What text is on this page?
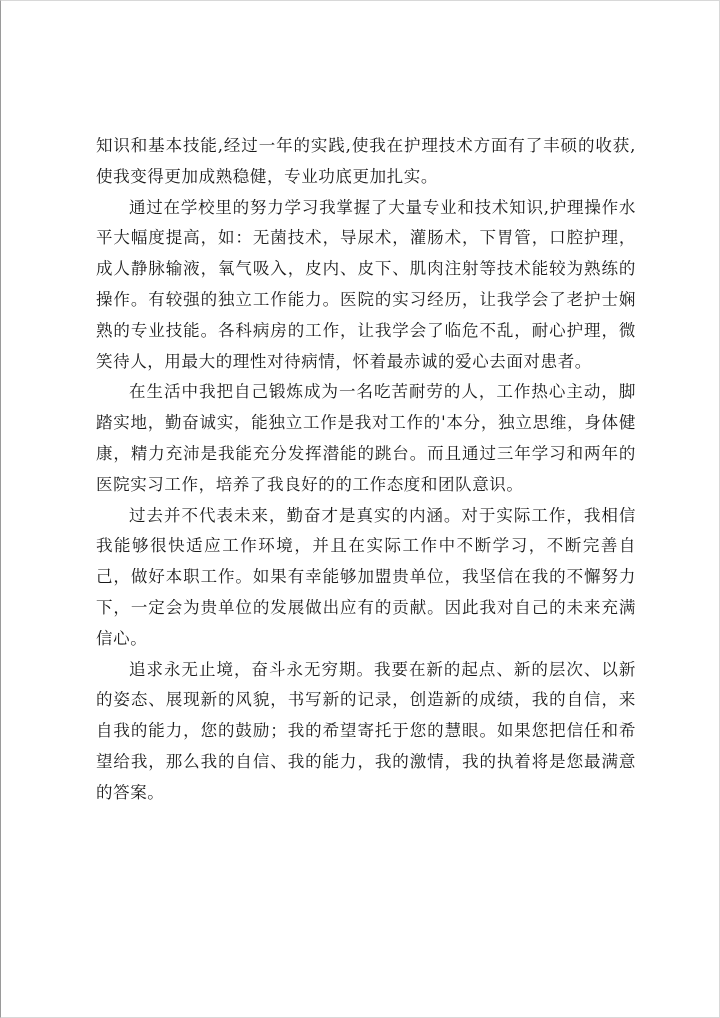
知识和基本技能,经过一年的实践,使我在护理技术方面有了丰硕的收获,使我变得更加成熟稳健，专业功底更加扎实。

通过在学校里的努力学习我掌握了大量专业和技术知识,护理操作水平大幅度提高，如：无菌技术，导尿术，灌肠术，下胃管，口腔护理，成人静脉输液，氧气吸入，皮内、皮下、肌肉注射等技术能较为熟练的操作。有较强的独立工作能力。医院的实习经历，让我学会了老护士娴熟的专业技能。各科病房的工作，让我学会了临危不乱，耐心护理，微笑待人，用最大的理性对待病情，怀着最赤诚的爱心去面对患者。

在生活中我把自己锻炼成为一名吃苦耐劳的人，工作热心主动，脚踏实地，勤奋诚实，能独立工作是我对工作的'本分，独立思维，身体健康，精力充沛是我能充分发挥潜能的跳台。而且通过三年学习和两年的医院实习工作，培养了我良好的的工作态度和团队意识。

过去并不代表未来，勤奋才是真实的内涵。对于实际工作，我相信我能够很快适应工作环境，并且在实际工作中不断学习，不断完善自己，做好本职工作。如果有幸能够加盟贵单位，我坚信在我的不懈努力下，一定会为贵单位的发展做出应有的贡献。因此我对自己的未来充满信心。

追求永无止境，奋斗永无穷期。我要在新的起点、新的层次、以新的姿态、展现新的风貌，书写新的记录，创造新的成绩，我的自信，来自我的能力，您的鼓励；我的希望寄托于您的慧眼。如果您把信任和希望给我，那么我的自信、我的能力，我的激情，我的执着将是您最满意的答案。
